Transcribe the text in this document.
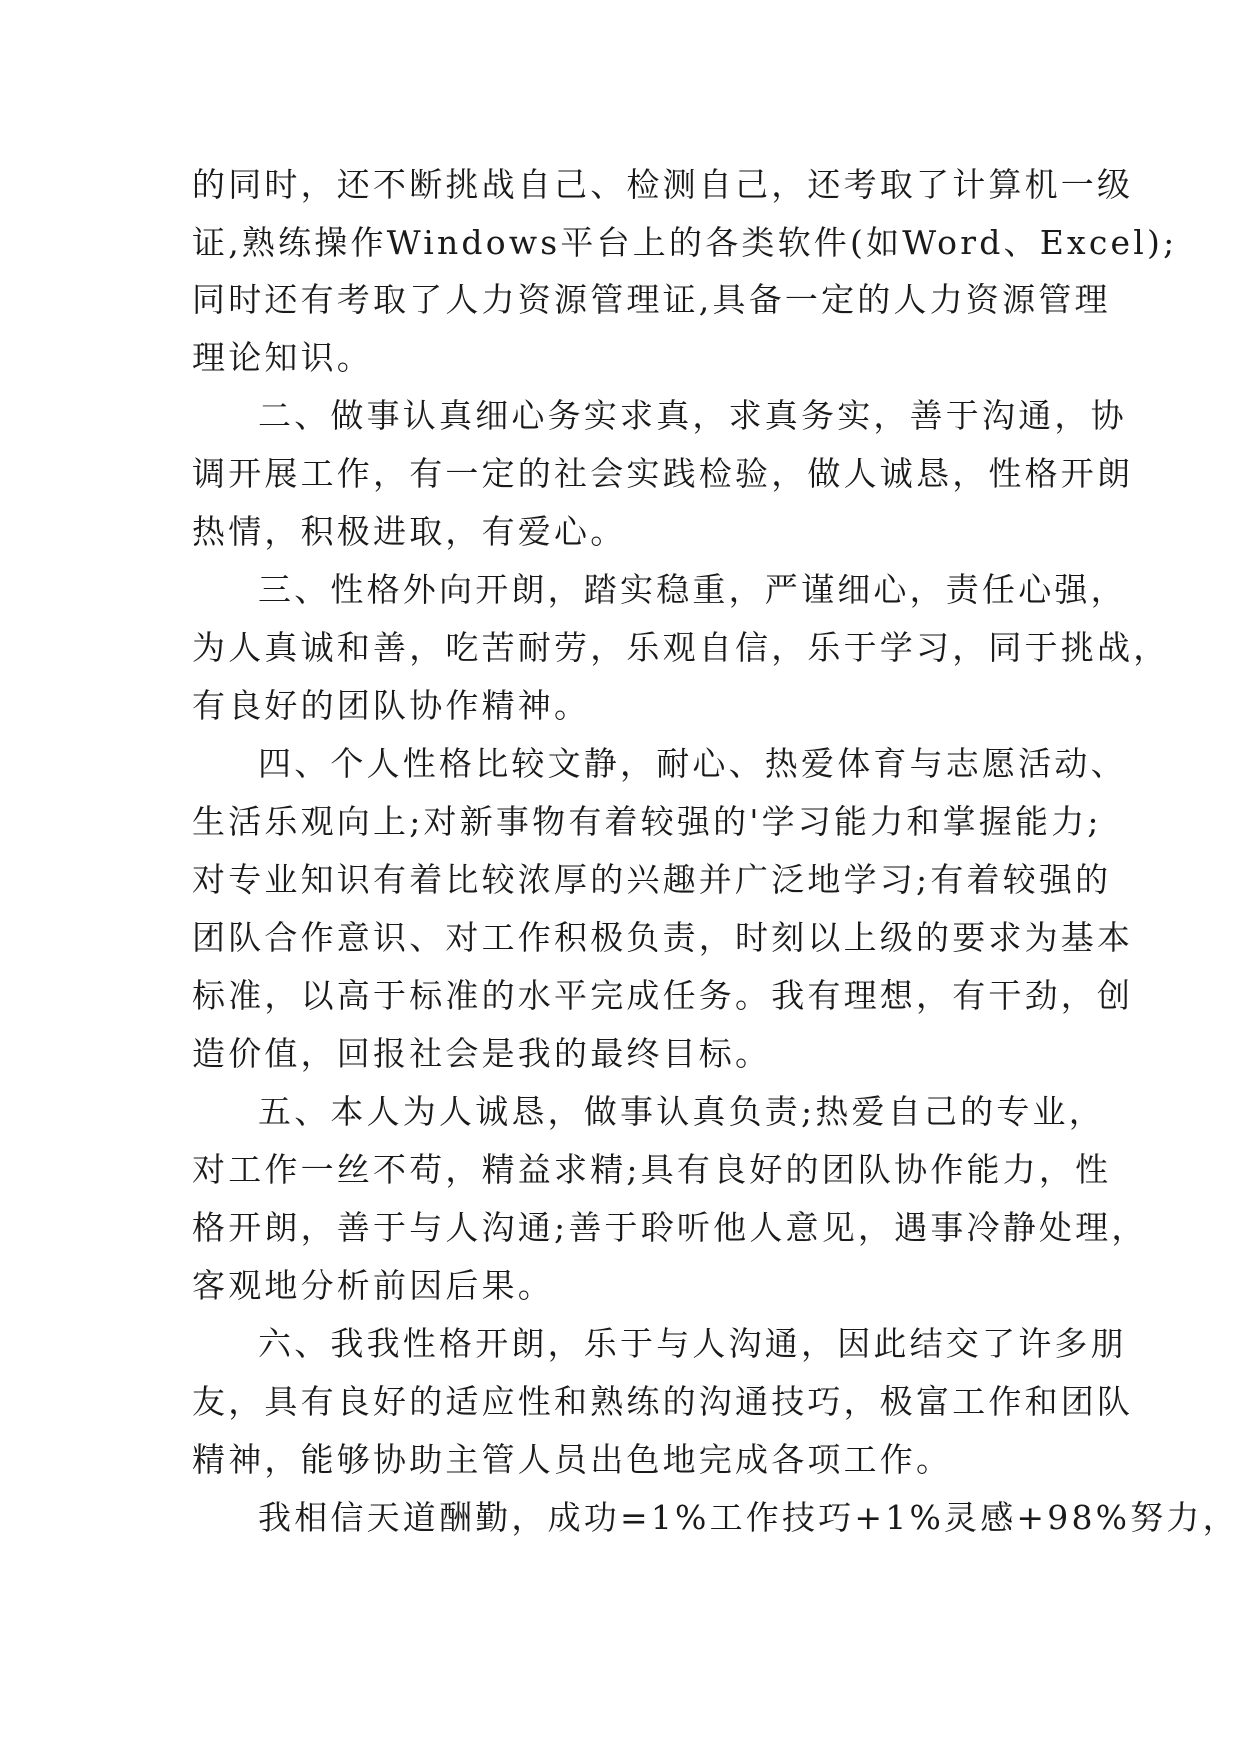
的同时，还不断挑战自己、检测自己，还考取了计算机一级
证,熟练操作Windows平台上的各类软件(如Word、Excel);
同时还有考取了人力资源管理证,具备一定的人力资源管理
理论知识。
二、做事认真细心务实求真，求真务实，善于沟通，协
调开展工作，有一定的社会实践检验，做人诚恳，性格开朗
热情，积极进取，有爱心。
三、性格外向开朗，踏实稳重，严谨细心，责任心强，
为人真诚和善，吃苦耐劳，乐观自信，乐于学习，同于挑战，
有良好的团队协作精神。
四、个人性格比较文静，耐心、热爱体育与志愿活动、
生活乐观向上;对新事物有着较强的'学习能力和掌握能力;
对专业知识有着比较浓厚的兴趣并广泛地学习;有着较强的
团队合作意识、对工作积极负责，时刻以上级的要求为基本
标准，以高于标准的水平完成任务。我有理想，有干劲，创
造价值，回报社会是我的最终目标。
五、本人为人诚恳，做事认真负责;热爱自己的专业，
对工作一丝不苟，精益求精;具有良好的团队协作能力，性
格开朗，善于与人沟通;善于聆听他人意见，遇事冷静处理，
客观地分析前因后果。
六、我我性格开朗，乐于与人沟通，因此结交了许多朋
友，具有良好的适应性和熟练的沟通技巧，极富工作和团队
精神，能够协助主管人员出色地完成各项工作。
我相信天道酬勤，成功=1%工作技巧+1%灵感+98%努力，
